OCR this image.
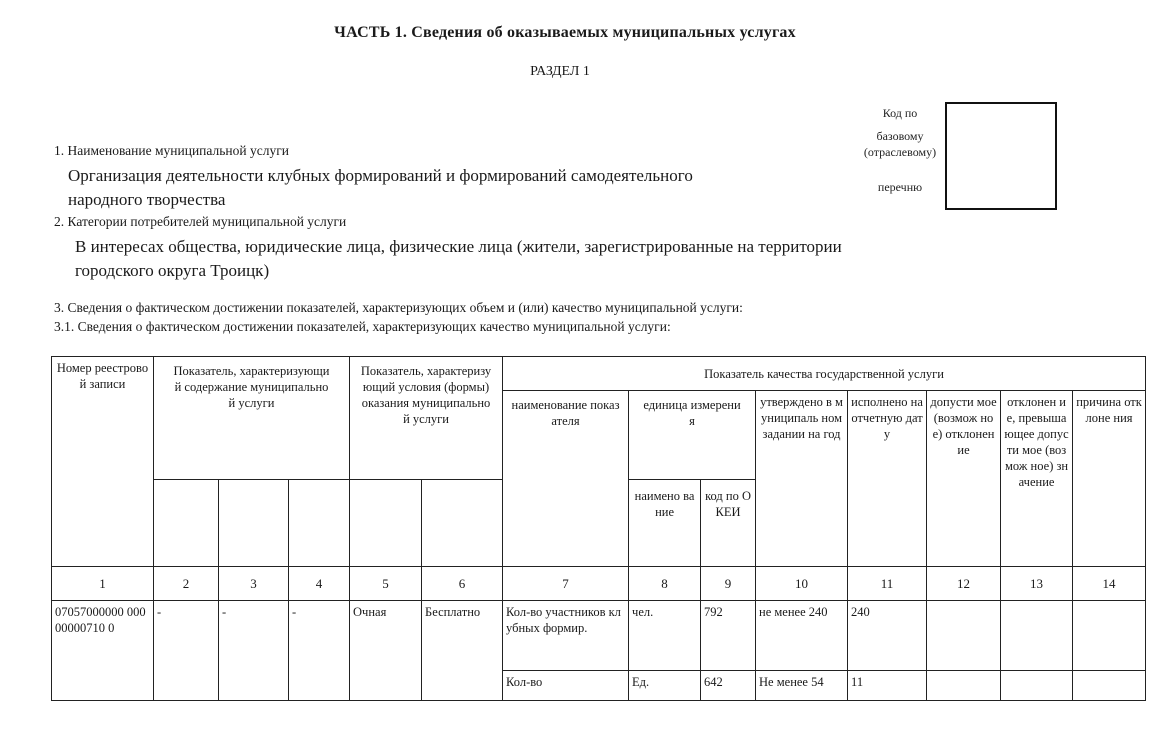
ЧАСТЬ 1. Сведения об оказываемых муниципальных услугах
РАЗДЕЛ 1
Код по
базовому
(отраслевому)
перечню
1. Наименование муниципальной услуги
Организация деятельности клубных формирований и формирований самодеятельного
народного творчества
2. Категории потребителей муниципальной услуги
В интересах общества, юридические лица, физические лица (жители, зарегистрированные на территории
городского округа Троицк)
3. Сведения о фактическом достижении показателей, характеризующих объем и (или) качество муниципальной услуги:
3.1. Сведения о фактическом достижении показателей, характеризующих качество муниципальной услуги:
Номер реестровой записи	Показатель, характеризующий содержание муниципальной услуги			Показатель, характеризующий условия (формы) оказания муниципальной услуги		Показатель качества государственной услуги							
						наименование показателя	единица измерения		утверждено в муниципаль ном задании на год	исполнено на отчетную дату	допусти мое (возмож ное) отклонен ие	отклонен ие, превыша ющее допусти мое (возмож ное) значение	причина отклоне ния
							наимено вание	код по ОКЕИ					
1	2	3	4	5	6	7	8	9	10	11	12	13	14
07057000000 00000000710 0	-	-	-	Очная	Бесплатно	Кол-во участников клубных формир.	чел.	792	не менее 240	240			
						Кол-во	Ед.	642	Не менее 54	11			
